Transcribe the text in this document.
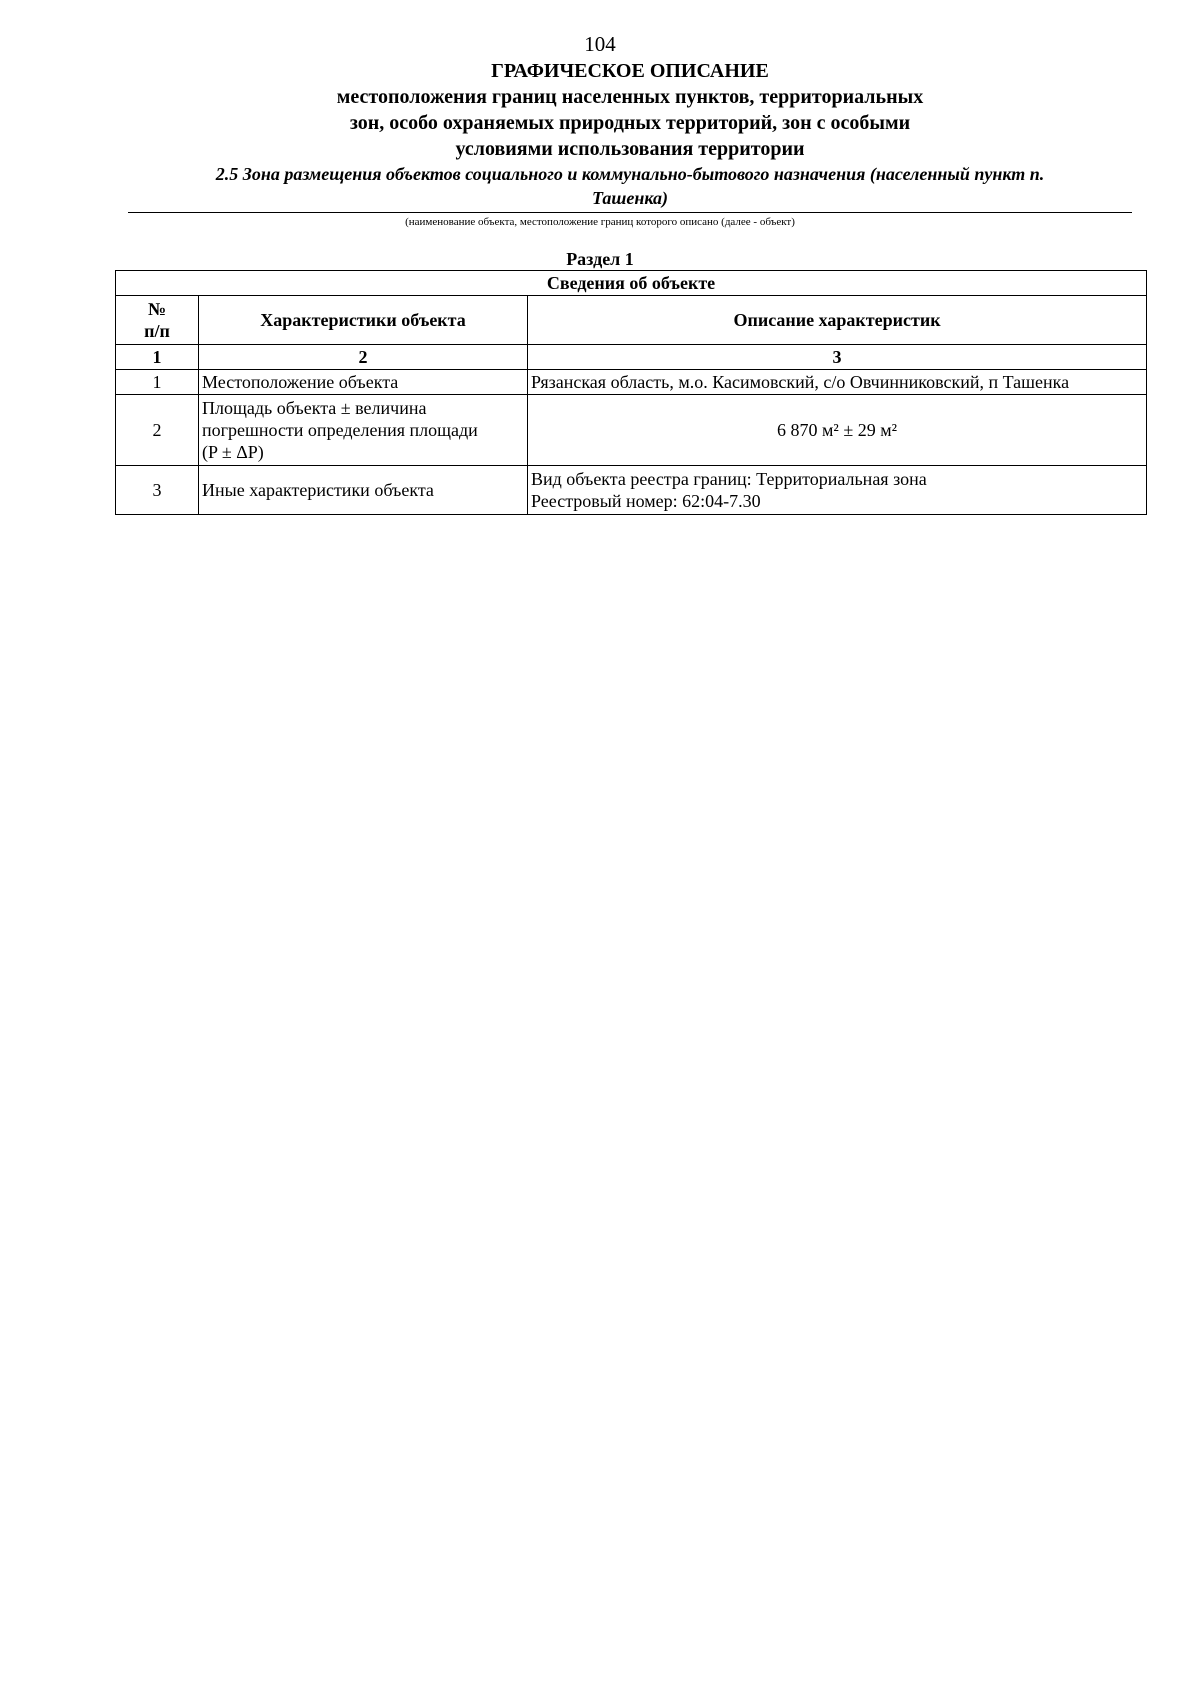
104
ГРАФИЧЕСКОЕ ОПИСАНИЕ
местоположения границ населенных пунктов, территориальных
зон, особо охраняемых природных территорий, зон с особыми
условиями использования территории
2.5 Зона размещения объектов социального и коммунально-бытового назначения (населенный пункт п.
Ташенка)
(наименование объекта, местоположение границ которого описано (далее - объект)
Раздел 1
Сведения об объекте		

№
п/п	Характеристики объекта	Описание характеристик
1	2	3
1	Местоположение объекта	Рязанская область, м.о. Касимовский, с/о Овчинниковский, п Ташенка

2	Площадь объекта ± величина
погрешности определения площади
(P ± ΔP)	6 870 м² ± 29 м²

3	Иные характеристики объекта	Вид объекта реестра границ: Территориальная зона
Реестровый номер: 62:04-7.30
